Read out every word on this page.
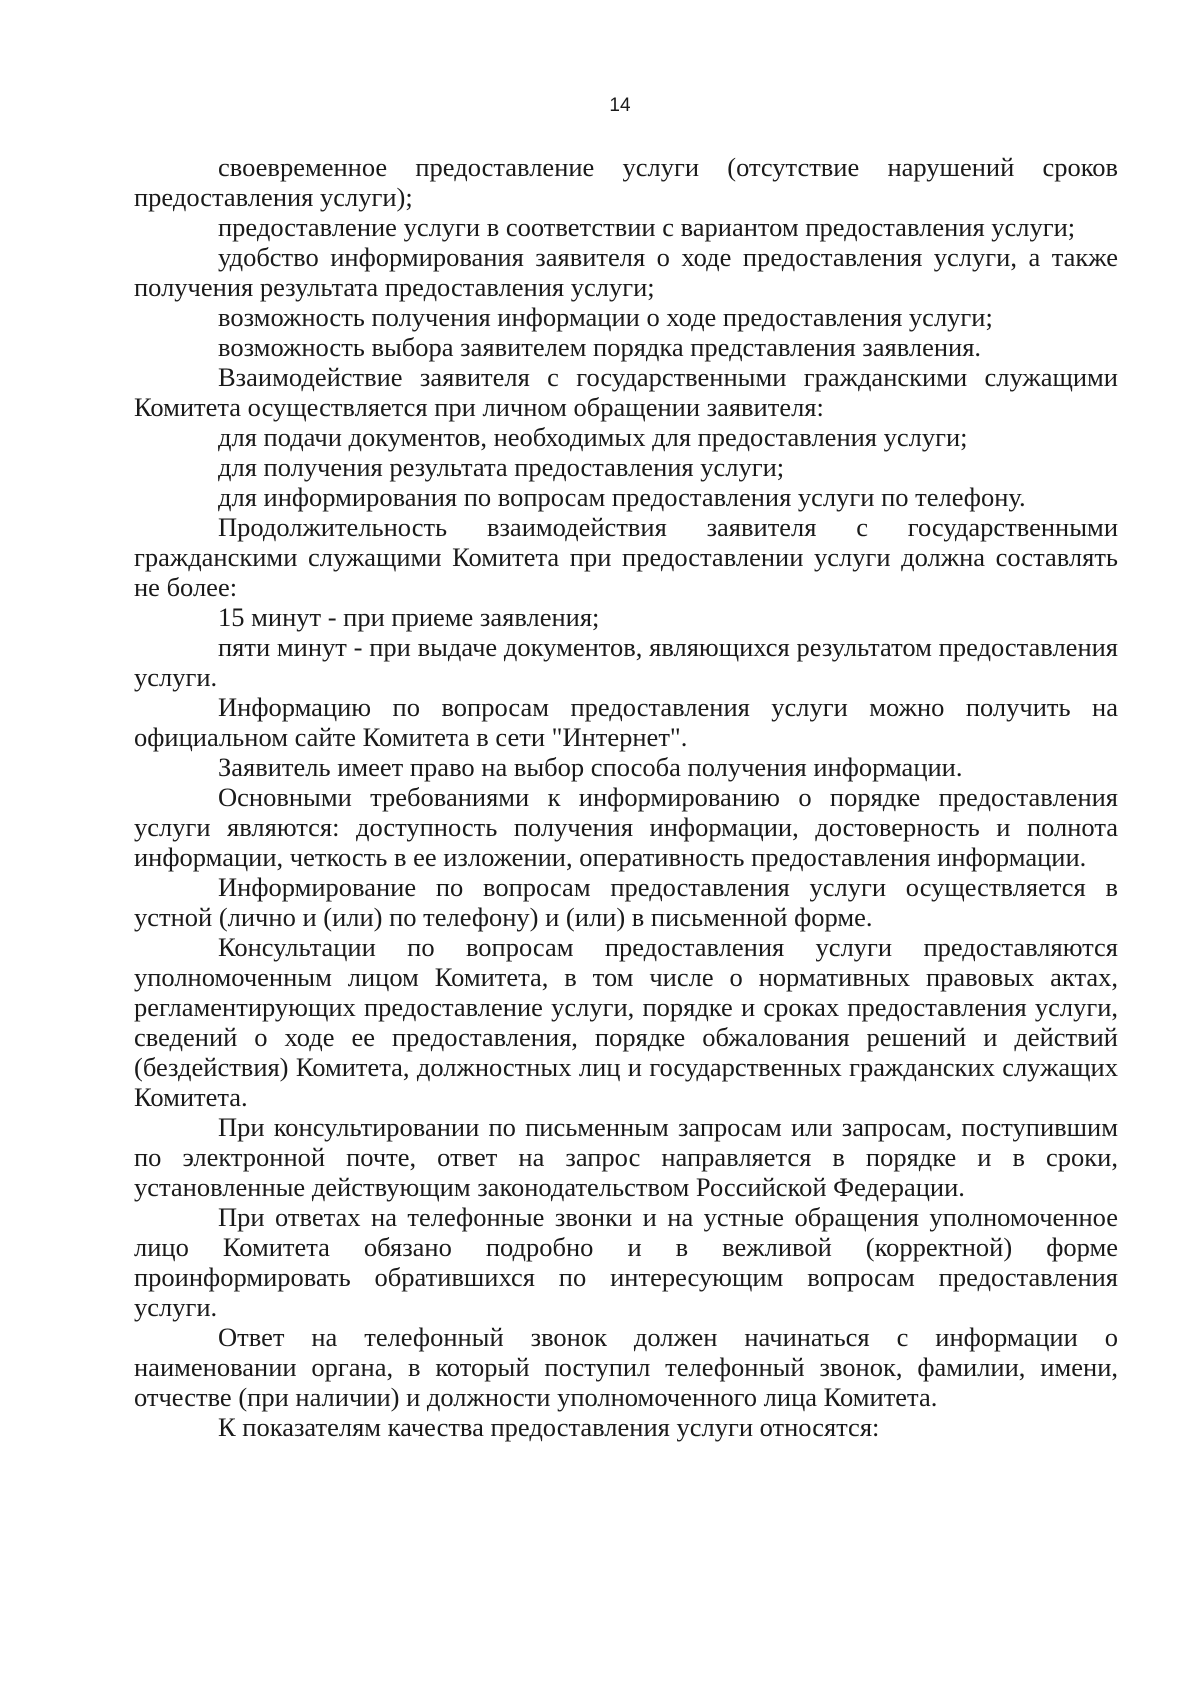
14

своевременное предоставление услуги (отсутствие нарушений сроков предоставления услуги);

предоставление услуги в соответствии с вариантом предоставления услуги;

удобство информирования заявителя о ходе предоставления услуги, а также получения результата предоставления услуги;

возможность получения информации о ходе предоставления услуги;

возможность выбора заявителем порядка представления заявления.

Взаимодействие заявителя с государственными гражданскими служащими Комитета осуществляется при личном обращении заявителя:

для подачи документов, необходимых для предоставления услуги;

для получения результата предоставления услуги;

для информирования по вопросам предоставления услуги по телефону.

Продолжительность взаимодействия заявителя с государственными гражданскими служащими Комитета при предоставлении услуги должна составлять не более:

15 минут - при приеме заявления;

пяти минут - при выдаче документов, являющихся результатом предоставления услуги.

Информацию по вопросам предоставления услуги можно получить на официальном сайте Комитета в сети "Интернет".

Заявитель имеет право на выбор способа получения информации.

Основными требованиями к информированию о порядке предоставления услуги являются: доступность получения информации, достоверность и полнота информации, четкость в ее изложении, оперативность предоставления информации.

Информирование по вопросам предоставления услуги осуществляется в устной (лично и (или) по телефону) и (или) в письменной форме.

Консультации по вопросам предоставления услуги предоставляются уполномоченным лицом Комитета, в том числе о нормативных правовых актах, регламентирующих предоставление услуги, порядке и сроках предоставления услуги, сведений о ходе ее предоставления, порядке обжалования решений и действий (бездействия) Комитета, должностных лиц и государственных гражданских служащих Комитета.

При консультировании по письменным запросам или запросам, поступившим по электронной почте, ответ на запрос направляется в порядке и в сроки, установленные действующим законодательством Российской Федерации.

При ответах на телефонные звонки и на устные обращения уполномоченное лицо Комитета обязано подробно и в вежливой (корректной) форме проинформировать обратившихся по интересующим вопросам предоставления услуги.

Ответ на телефонный звонок должен начинаться с информации о наименовании органа, в который поступил телефонный звонок, фамилии, имени, отчестве (при наличии) и должности уполномоченного лица Комитета.

К показателям качества предоставления услуги относятся:
